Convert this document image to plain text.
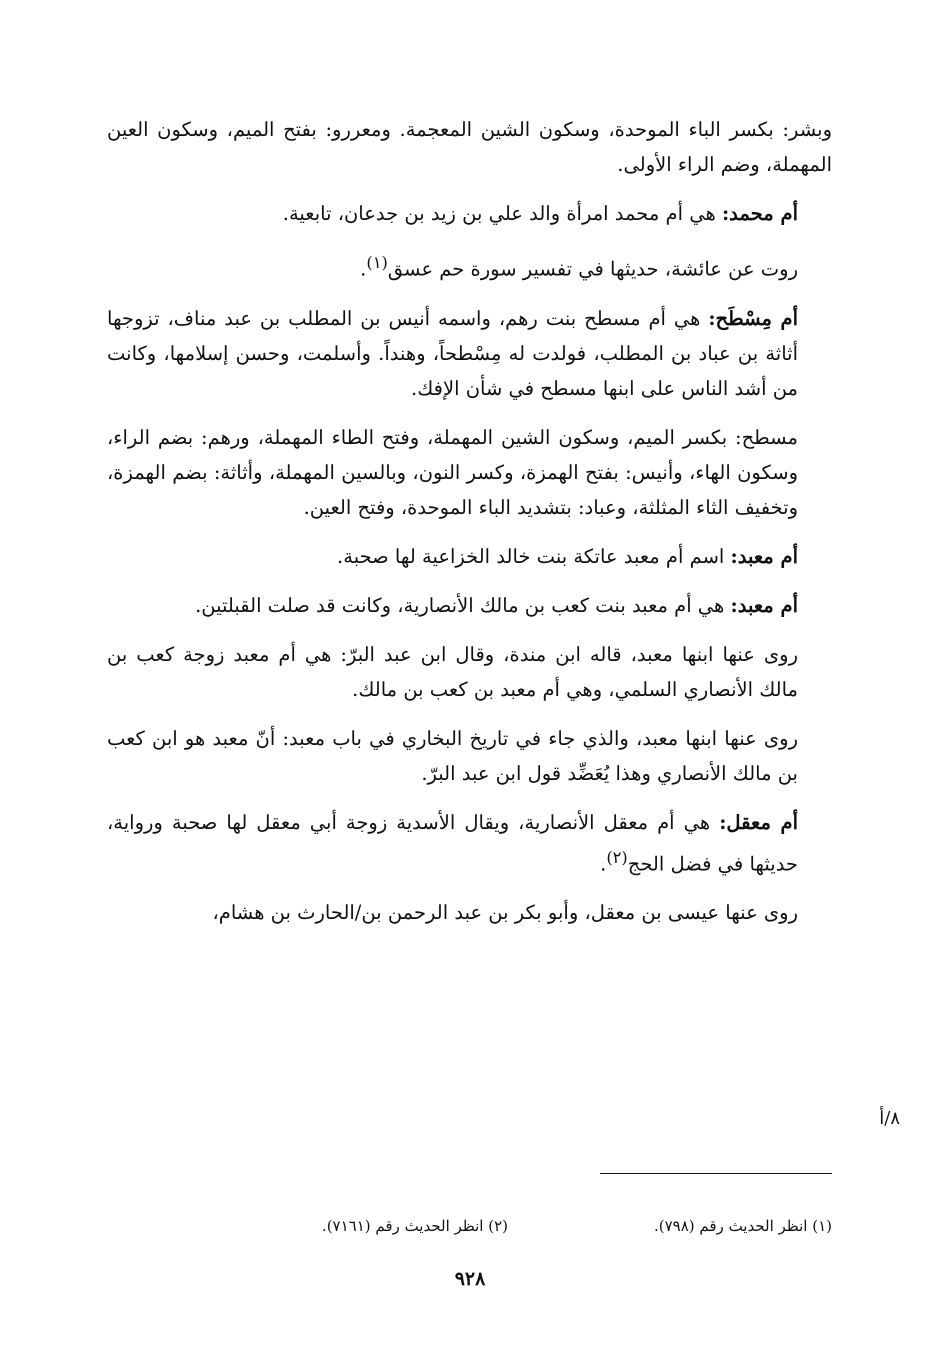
وبشر: بكسر الباء الموحدة، وسكون الشين المعجمة. ومعررو: بفتح الميم، وسكون العين المهملة، وضم الراء الأولى.

أم محمد: هي أم محمد امرأة والد علي بن زيد بن جدعان، تابعية.

روت عن عائشة، حديثها في تفسير سورة حم عسق$^{(١)}$.

أم مِسْطَح: هي أم مسطح بنت رهم، واسمه أنيس بن المطلب بن عبد مناف، تزوجها أثاثة بن عباد بن المطلب، فولدت له مِسْطحاً، وهنداً. وأسلمت، وحسن إسلامها، وكانت من أشد الناس على ابنها مسطح في شأن الإفك.

مسطح: بكسر الميم، وسكون الشين المهملة، وفتح الطاء المهملة، ورهم: بضم الراء، وسكون الهاء، وأنيس: بفتح الهمزة، وكسر النون، وبالسين المهملة، وأثاثة: بضم الهمزة، وتخفيف الثاء المثلثة، وعباد: بتشديد الباء الموحدة، وفتح العين.

أم معبد: اسم أم معبد عاتكة بنت خالد الخزاعية لها صحبة.

أم معبد: هي أم معبد بنت كعب بن مالك الأنصارية، وكانت قد صلت القبلتين.

روى عنها ابنها معبد، قاله ابن مندة، وقال ابن عبد البرّ: هي أم معبد زوجة كعب بن مالك الأنصاري السلمي، وهي أم معبد بن كعب بن مالك.

روى عنها ابنها معبد، والذي جاء في تاريخ البخاري في باب معبد: أنّ معبد هو ابن كعب بن مالك الأنصاري وهذا يُعَضِّد قول ابن عبد البرّ.

أم معقل: هي أم معقل الأنصارية، ويقال الأسدية زوجة أبي معقل لها صحبة ورواية، حديثها في فضل الحج$^{(٢)}$.

روى عنها عيسى بن معقل، وأبو بكر بن عبد الرحمن بن/الحارث بن هشام،

٨/أ
(١) انظر الحديث رقم (٧٩٨).
(٢) انظر الحديث رقم (٧١٦١).
٩٢٨
